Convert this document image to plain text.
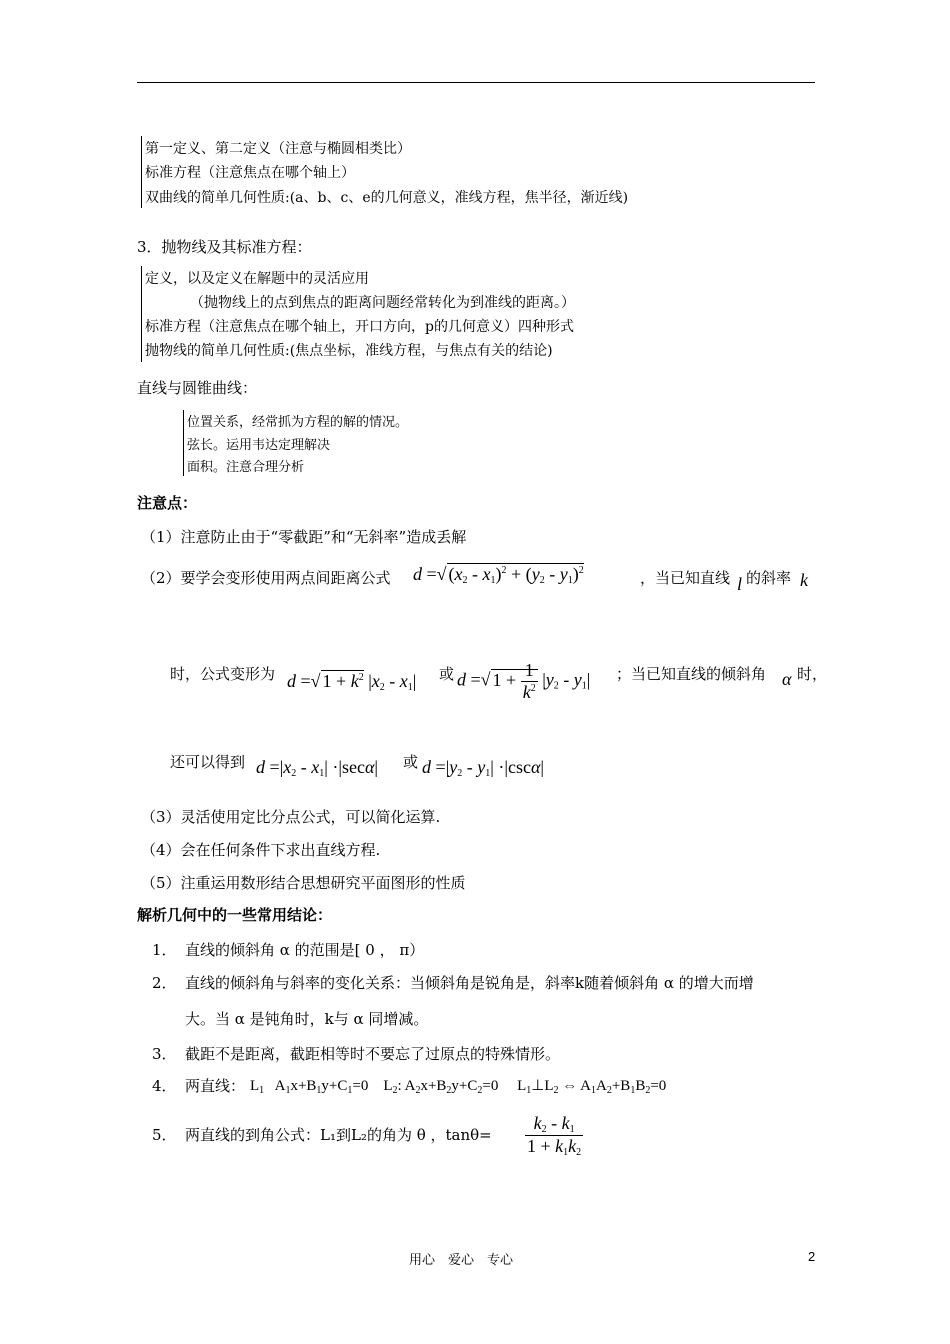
第一定义、第二定义（注意与椭圆相类比）
标准方程（注意焦点在哪个轴上）
双曲线的简单几何性质:(a、b、c、e的几何意义，准线方程，焦半径，渐近线)
3．抛物线及其标准方程：
定义，以及定义在解题中的灵活应用
（抛物线上的点到焦点的距离问题经常转化为到准线的距离。）
标准方程（注意焦点在哪个轴上，开口方向，p的几何意义）四种形式
抛物线的简单几何性质:(焦点坐标，准线方程，与焦点有关的结论)
直线与圆锥曲线：
位置关系，经常抓为方程的解的情况。
弦长。运用韦达定理解决
面积。注意合理分析
注意点：
（1）注意防止由于“零截距”和“无斜率”造成丢解
（2）要学会变形使用两点间距离公式 d =√ $(x_2 - x_1)^2 + (y_2 - y_1)^2$	，当已知直线 l 的斜率 k
时，公式变形为 d =√ $1 + k^2$ $|x_2 - x_1|$ 或 d =√ $1 + \frac{1}{k^2} |y_2 - y_1|$ ；当已知直线的倾斜角 α 时，
还可以得到 $d =|x_2 - x_1| \cdot|\sec\alpha|$ 或 $d =|y_2 - y_1| \cdot|\csc\alpha|$
（3）灵活使用定比分点公式，可以简化运算.
（4）会在任何条件下求出直线方程.
（5）注重运用数形结合思想研究平面图形的性质
解析几何中的一些常用结论：
1． 直线的倾斜角 α 的范围是[ 0 ， π）
2． 直线的倾斜角与斜率的变化关系：当倾斜角是锐角是，斜率k随着倾斜角 α 的增大而增
大。当 α 是钝角时，k与 α 同增减。
3． 截距不是距离，截距相等时不要忘了过原点的特殊情形。
4． 两直线： $L_1$   $A_1x+B_1y+C_1=0$    $L_2$: $A_2x+B_2y+C_2=0$     $L_1\perp L_2$ ⇔ $A_1A_2+B_1B_2=0$
5． 两直线的到角公式：L₁到L₂的角为 θ ，$\tan\theta= \frac{k_2 - k_1}{1 + k_1k_2}$
用心　爱心　专心	2
